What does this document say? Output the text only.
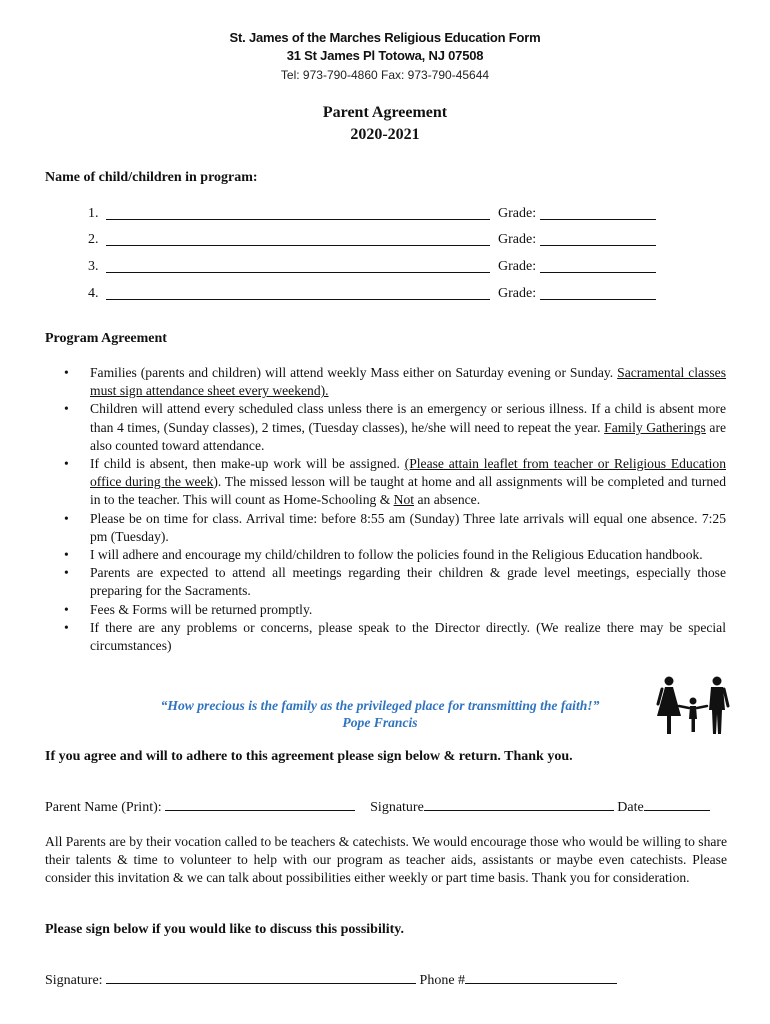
St. James of the Marches Religious Education Form
31 St James Pl Totowa, NJ 07508
Tel: 973-790-4860 Fax: 973-790-45644
Parent Agreement
2020-2021
Name of child/children in program:
1.	Grade:
2.	Grade:
3.	Grade:
4.	Grade:
Program Agreement
• Families (parents and children) will attend weekly Mass either on Saturday evening or Sunday. Sacramental classes must sign attendance sheet every weekend).
• Children will attend every scheduled class unless there is an emergency or serious illness. If a child is absent more than 4 times, (Sunday classes), 2 times, (Tuesday classes), he/she will need to repeat the year. Family Gatherings are also counted toward attendance.
• If child is absent, then make-up work will be assigned. (Please attain leaflet from teacher or Religious Education office during the week). The missed lesson will be taught at home and all assignments will be completed and turned in to the teacher. This will count as Home-Schooling & Not an absence.
• Please be on time for class. Arrival time: before 8:55 am (Sunday) Three late arrivals will equal one absence. 7:25 pm (Tuesday).
• I will adhere and encourage my child/children to follow the policies found in the Religious Education handbook.
• Parents are expected to attend all meetings regarding their children & grade level meetings, especially those preparing for the Sacraments.
• Fees & Forms will be returned promptly.
• If there are any problems or concerns, please speak to the Director directly. (We realize there may be special circumstances)
“How precious is the family as the privileged place for transmitting the faith!”
Pope Francis
If you agree and will to adhere to this agreement please sign below & return. Thank you.
Parent Name (Print):	Signature	Date
All Parents are by their vocation called to be teachers & catechists. We would encourage those who would be willing to share their talents & time to volunteer to help with our program as teacher aids, assistants or maybe even catechists. Please consider this invitation & we can talk about possibilities either weekly or part time basis. Thank you for consideration.
Please sign below if you would like to discuss this possibility.
Signature:	Phone #
